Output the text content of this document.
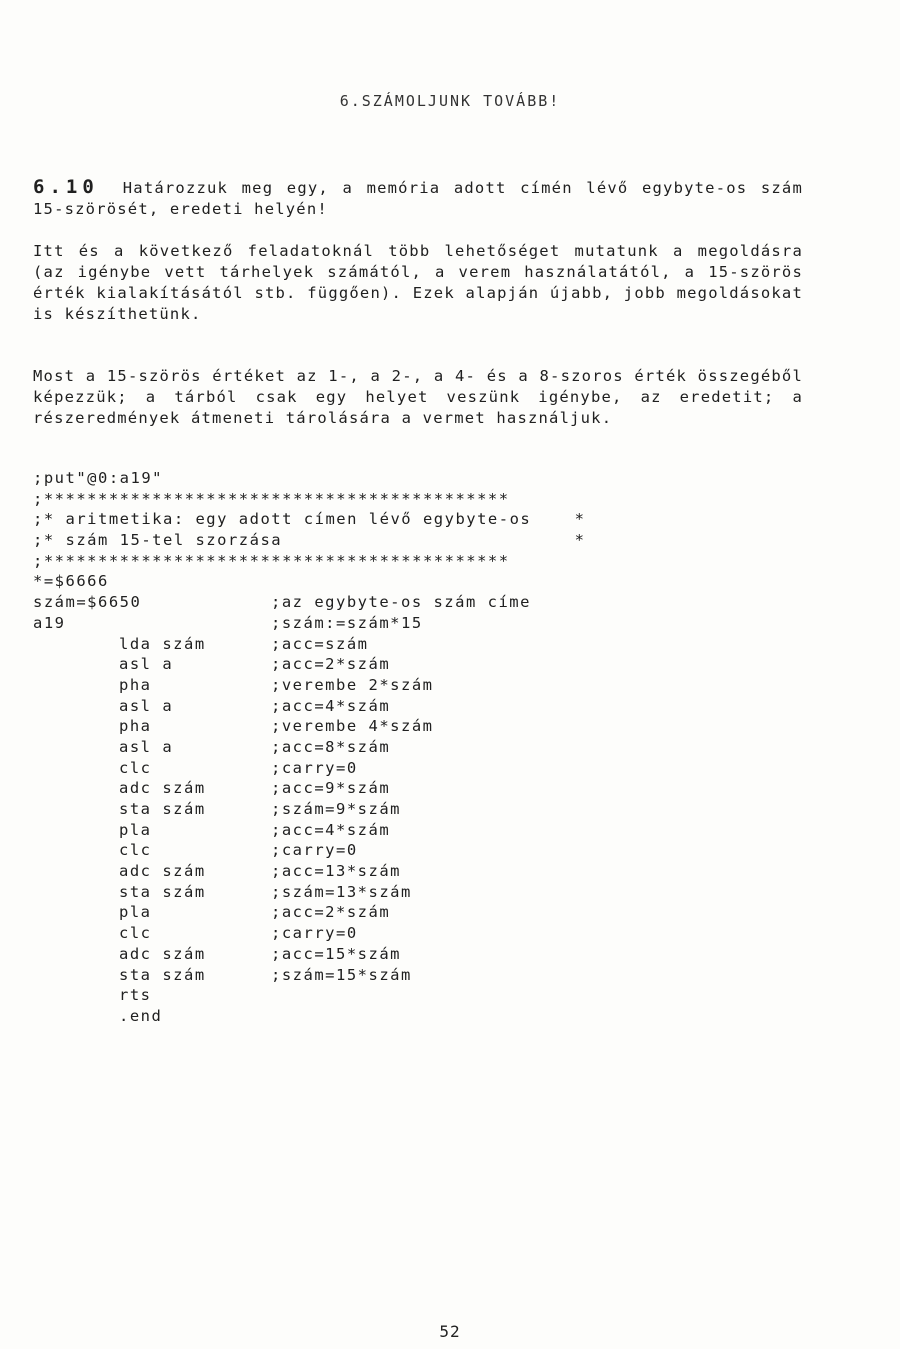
6.SZÁMOLJUNK TOVÁBB!
6.10 Határozzuk meg egy, a memória adott címén lévő egybyte-os szám 15-szörösét, eredeti helyén!
Itt és a következő feladatoknál több lehetőséget mutatunk a megoldásra (az igénybe vett tárhelyek számától, a verem használatától, a 15-szörös érték kialakításától stb. függően). Ezek alapján újabb, jobb megoldásokat is készíthetünk.
Most a 15-szörös értéket az 1-, a 2-, a 4- és a 8-szoros érték összegéből képezzük; a tárból csak egy helyet veszünk igénybe, az eredetit; a részeredmények átmeneti tárolására a vermet használjuk.
;put"@0:a19"
;*******************************************
;* aritmetika: egy adott címen lévő egybyte-os    *
;* szám 15-tel szorzása                           *
;*******************************************
*=$6666
szám=$6650	;az egybyte-os szám címe
a19	;szám:=szám*15
lda szám	;acc=szám
asl a	;acc=2*szám
pha	;verembe 2*szám
asl a	;acc=4*szám
pha	;verembe 4*szám
asl a	;acc=8*szám
clc	;carry=0
adc szám	;acc=9*szám
sta szám	;szám=9*szám
pla	;acc=4*szám
clc	;carry=0
adc szám	;acc=13*szám
sta szám	;szám=13*szám
pla	;acc=2*szám
clc	;carry=0
adc szám	;acc=15*szám
sta szám	;szám=15*szám
rts
.end
52
